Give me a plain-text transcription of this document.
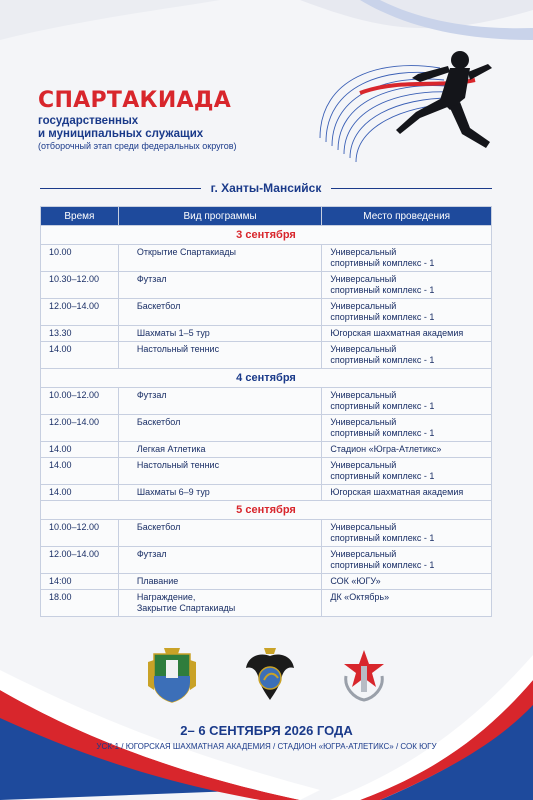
СПАРТАКИАДА
государственных
и муниципальных служащих
(отборочный этап среди федеральных округов)
г. Ханты-Мансийск
Время	Вид программы	Место проведения
3 сентября		
10.00	Открытие Спартакиады	Универсальный
спортивный комплекс - 1

10.30–12.00	Футзал	Универсальный
спортивный комплекс - 1

12.00–14.00	Баскетбол	Универсальный
спортивный комплекс - 1

13.30	Шахматы 1–5 тур	Югорская шахматная академия
14.00	Настольный теннис	Универсальный
спортивный комплекс - 1

4 сентября		
10.00–12.00	Футзал	Универсальный
спортивный комплекс - 1

12.00–14.00	Баскетбол	Универсальный
спортивный комплекс - 1

14.00	Легкая Атлетика	Стадион «Югра-Атлетикс»
14.00	Настольный теннис	Универсальный
спортивный комплекс - 1

14.00	Шахматы 6–9 тур	Югорская шахматная академия
5 сентября		
10.00–12.00	Баскетбол	Универсальный
спортивный комплекс - 1

12.00–14.00	Футзал	Универсальный
спортивный комплекс - 1

14:00	Плавание	СОК «ЮГУ»
18.00	Награждение,
Закрытие Спартакиады	ДК «Октябрь»
2– 6 СЕНТЯБРЯ 2026 ГОДА
УСК-1 / ЮГОРСКАЯ ШАХМАТНАЯ АКАДЕМИЯ / СТАДИОН «ЮГРА-АТЛЕТИКС» / СОК ЮГУ
